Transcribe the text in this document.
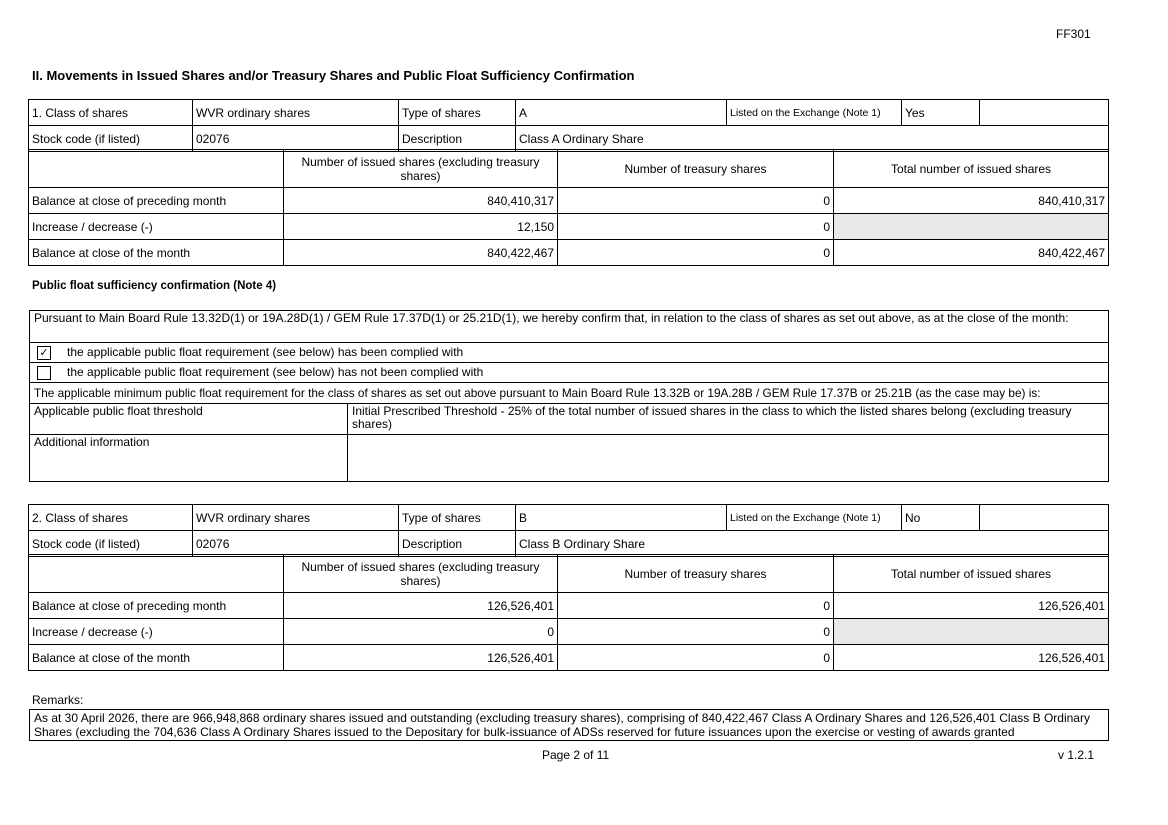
FF301
II. Movements in Issued Shares and/or Treasury Shares and Public Float Sufficiency Confirmation
1. Class of shares	WVR ordinary shares	Type of shares	A	Listed on the Exchange (Note 1)	Yes	
Stock code (if listed)	02076	Description	Class A Ordinary Share			
	Number of issued shares (excluding treasury shares)	Number of treasury shares	Total number of issued shares
Balance at close of preceding month	840,410,317	0	840,410,317
Increase / decrease (-)	12,150	0	
Balance at close of the month	840,422,467	0	840,422,467
Public float sufficiency confirmation (Note 4)
Pursuant to Main Board Rule 13.32D(1) or 19A.28D(1) / GEM Rule 17.37D(1) or 25.21D(1), we hereby confirm that, in relation to the class of shares as set out above, as at the close of the month:
✓ the applicable public float requirement (see below) has been complied with
the applicable public float requirement (see below) has not been complied with
The applicable minimum public float requirement for the class of shares as set out above pursuant to Main Board Rule 13.32B or 19A.28B / GEM Rule 17.37B or 25.21B (as the case may be) is:
Applicable public float threshold	Initial Prescribed Threshold - 25% of the total number of issued shares in the class to which the listed shares belong (excluding treasury shares)
Additional information
2. Class of shares	WVR ordinary shares	Type of shares	B	Listed on the Exchange (Note 1)	No	
Stock code (if listed)	02076	Description	Class B Ordinary Share			
	Number of issued shares (excluding treasury shares)	Number of treasury shares	Total number of issued shares
Balance at close of preceding month	126,526,401	0	126,526,401
Increase / decrease (-)	0	0	
Balance at close of the month	126,526,401	0	126,526,401
Remarks:
As at 30 April 2026, there are 966,948,868 ordinary shares issued and outstanding (excluding treasury shares), comprising of 840,422,467 Class A Ordinary Shares and 126,526,401 Class B Ordinary Shares (excluding the 704,636 Class A Ordinary Shares issued to the Depositary for bulk-issuance of ADSs reserved for future issuances upon the exercise or vesting of awards granted
Page 2 of 11	v 1.2.1
